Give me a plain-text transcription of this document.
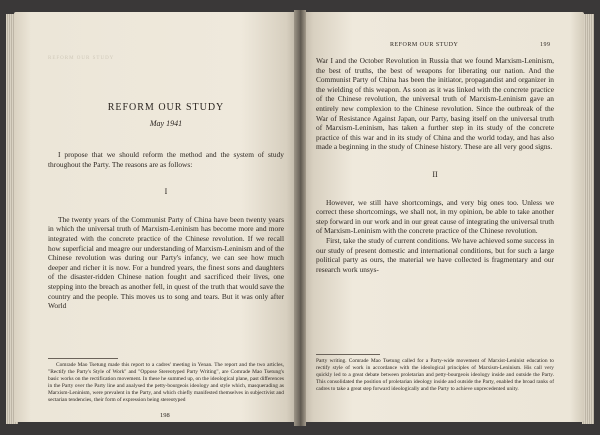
REFORM OUR STUDY
REFORM OUR STUDY
May 1941

I propose that we should reform the method and the system of study throughout the Party. The reasons are as follows:

I

The twenty years of the Communist Party of China have been twenty years in which the universal truth of Marxism-Leninism has become more and more integrated with the concrete practice of the Chinese revolution. If we recall how superficial and meagre our understanding of Marxism-Leninism and of the Chinese revolution was during our Party's infancy, we can see how much deeper and richer it is now. For a hundred years, the finest sons and daughters of the disaster-ridden Chinese nation fought and sacrificed their lives, one stepping into the breach as another fell, in quest of the truth that would save the country and the people. This moves us to song and tears. But it was only after World

Comrade Mao Tsetung made this report to a cadres' meeting in Yenan. The report and the two articles, "Rectify the Party's Style of Work" and "Oppose Stereotyped Party Writing", are Comrade Mao Tsetung's basic works on the rectification movement. In these he summed up, on the ideological plane, past differences in the Party over the Party line and analysed the petty-bourgeois ideology and style which, masquerading as Marxism-Leninism, were prevalent in the Party, and which chiefly manifested themselves in subjectivist and sectarian tendencies, their form of expression being stereotyped

198
REFORM OUR STUDY	199

War I and the October Revolution in Russia that we found Marxism-Leninism, the best of truths, the best of weapons for liberating our nation. And the Communist Party of China has been the initiator, propagandist and organizer in the wielding of this weapon. As soon as it was linked with the concrete practice of the Chinese revolution, the universal truth of Marxism-Leninism gave an entirely new complexion to the Chinese revolution. Since the outbreak of the War of Resistance Against Japan, our Party, basing itself on the universal truth of Marxism-Leninism, has taken a further step in its study of the concrete practice of this war and in its study of China and the world today, and has also made a beginning in the study of Chinese history. These are all very good signs.

II

However, we still have shortcomings, and very big ones too. Unless we correct these shortcomings, we shall not, in my opinion, be able to take another step forward in our work and in our great cause of integrating the universal truth of Marxism-Leninism with the concrete practice of the Chinese revolution.

First, take the study of current conditions. We have achieved some success in our study of present domestic and international conditions, but for such a large political party as ours, the material we have collected is fragmentary and our research work unsys-

Party writing. Comrade Mao Tsetung called for a Party-wide movement of Marxist-Leninist education to rectify style of work in accordance with the ideological principles of Marxism-Leninism. His call very quickly led to a great debate between proletarian and petty-bourgeois ideology inside and outside the Party. This consolidated the position of proletarian ideology inside and outside the Party, enabled the broad ranks of cadres to take a great step forward ideologically and the Party to achieve unprecedented unity.
